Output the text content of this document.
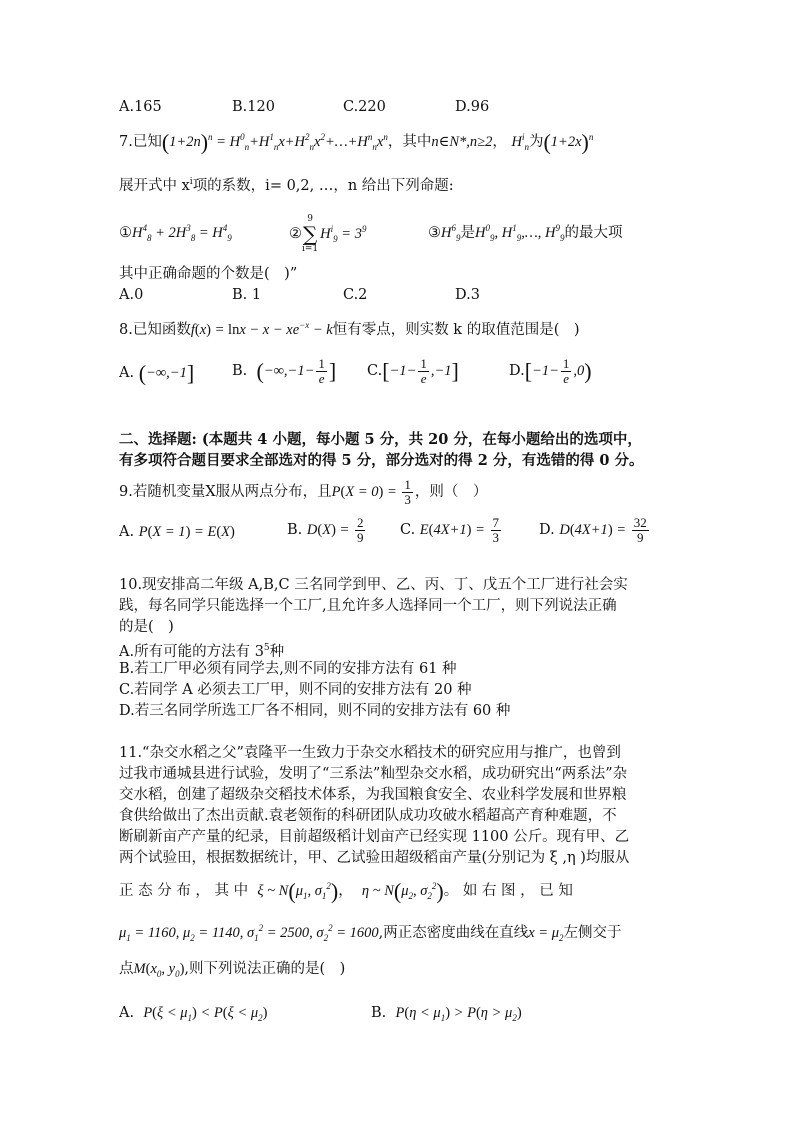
A.165	B.120	C.220	D.96
7.已知$(1+2n)^n$ = $H^0_n+H^1_nx+H^2_nx^2+\dots+H^n_nx^n$，其中n∈N*,n≥2， $H^i_n$为$(1+2x)^n$
展开式中 $x^i$项的系数，i= 0,2, …，n 给出下列命题:
$①H^4_8 + 2H^3_8 = H^4_9$	②
9
∑
i=1
$H^i_9 = 3^9$	$③H^6_9$是$H^0_9$, $H^1_9,\dots$, $H^9_9$的最大项
其中正确命题的个数是(　)”
A.0	B. 1	C.2	D.3
8.已知函数$f(x) = \ln x - x - xe^{-x} - k$恒有零点，则实数 k 的取值范围是(　)
A. (−∞,−1]	B. ($-\infty,-1- \frac{1}{e}$ ] $C.[-1- \frac{1}{e} ,-1]$	$D.[-1- \frac{1}{e} ,0)$
二、选择题: (本题共 4 小题，每小题 5 分，共 20 分，在每小题给出的选项中，
有多项符合题目要求全部选对的得 5 分，部分选对的得 2 分，有选错的得 0 分。
9.若随机变量X服从两点分布，且$P(X = 0) = \frac{1}{3}$ ，则（　）
A. P(X = 1) = E(X)	B. $D(X) = \frac{2}{9} C$. $E(4X+1) = \frac{7}{3}$	D. $D(4X+1) = \frac{32}{9}$
10.现安排高二年级 A,B,C 三名同学到甲、乙、丙、丁、戊五个工厂进行社会实
践，每名同学只能选择一个工厂,且允许多人选择同一个工厂，则下列说法正确
的是(　)
A.所有可能的方法有 $3^5$种
B.若工厂甲必须有同学去,则不同的安排方法有 61 种
C.若同学 A 必须去工厂甲，则不同的安排方法有 20 种
D.若三名同学所选工厂各不相同，则不同的安排方法有 60 种
11.“杂交水稻之父”袁隆平一生致力于杂交水稻技术的研究应用与推广，也曾到
过我市通城县进行试验，发明了“三系法”籼型杂交水稻，成功研究出“两系法”杂
交水稻，创建了超级杂交稻技术体系，为我国粮食安全、农业科学发展和世界粮
食供给做出了杰出贡献.袁老领衔的科研团队成功攻破水稻超高产育种难题，不
断刷新亩产产量的纪录，目前超级稻计划亩产已经实现 1100 公斤。现有甲、乙
两个试验田，根据数据统计，甲、乙试验田超级稻亩产量(分别记为 ξ ,η )均服从
正 态 分 布 ， 其 中 ξ ~ $N(\mu_1$, $\sigma_1^2$)， η ~ $N(\mu_2$, $\sigma_2^2$)。 如 右 图 ， 已 知
$\mu_1 = 1160$, $\mu_2 = 1140$, $\sigma_1^2 = 2500$, $\sigma_2^2 = 1600$,两正态密度曲线在直线$x = \mu_2$左侧交于
点$M(x_0$, $y_0$),则下列说法正确的是(　)
A. $P(\xi < \mu_1) < P(\xi < \mu_2)$	B. $P(\eta < \mu_1) > P(\eta > \mu_2)$
